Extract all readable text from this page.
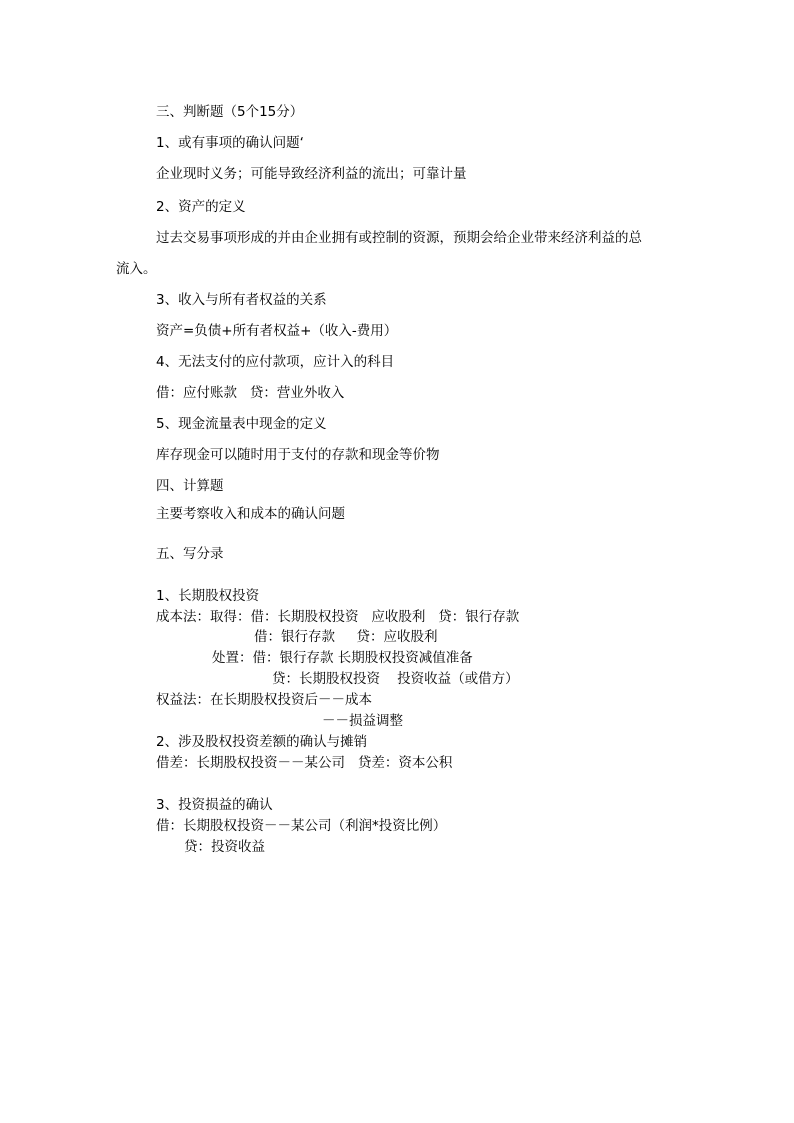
三、判断题（5个15分）
1、或有事项的确认问题‘
企业现时义务；可能导致经济利益的流出；可靠计量
2、资产的定义
过去交易事项形成的并由企业拥有或控制的资源，预期会给企业带来经济利益的总
流入。
3、收入与所有者权益的关系
资产=负债+所有者权益+（收入-费用）
4、无法支付的应付款项，应计入的科目
借：应付账款   贷：营业外收入
5、现金流量表中现金的定义
库存现金可以随时用于支付的存款和现金等价物
四、计算题
主要考察收入和成本的确认问题
五、写分录
1、长期股权投资
成本法：取得：借：长期股权投资   应收股利   贷：银行存款
借：银行存款     贷：应收股利
处置：借：银行存款 长期股权投资减值准备
贷：长期股权投资    投资收益（或借方）
权益法：在长期股权投资后－－成本
－－损益调整
2、涉及股权投资差额的确认与摊销
借差：长期股权投资－－某公司   贷差：资本公积
3、投资损益的确认
借：长期股权投资－－某公司（利润*投资比例）
贷：投资收益
